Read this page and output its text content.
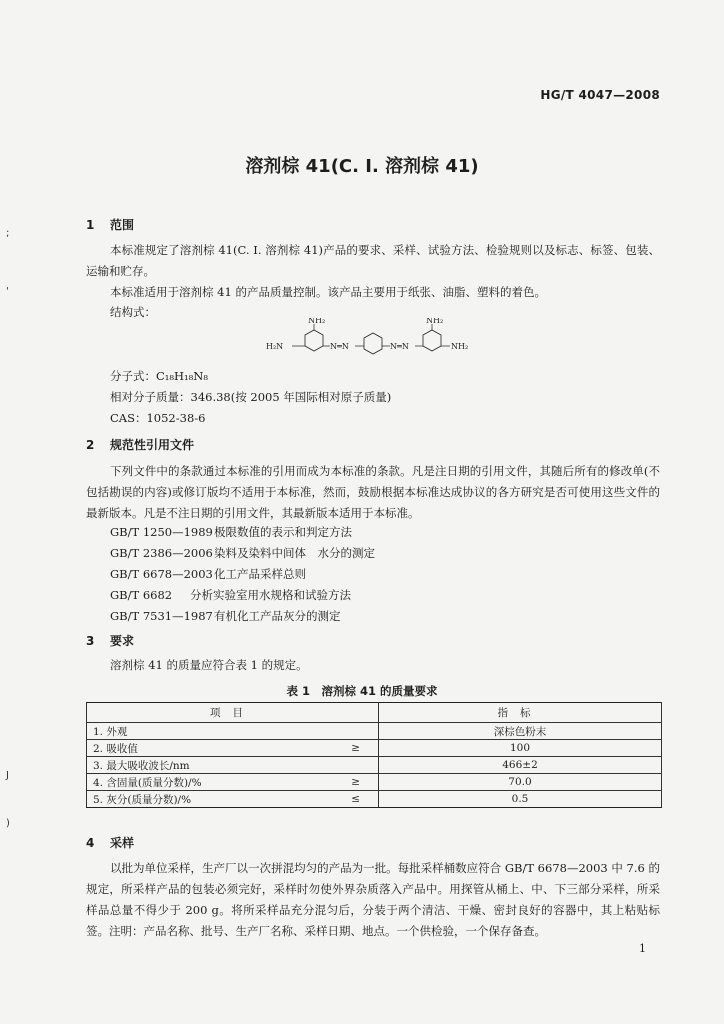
;
'
J
)
HG/T 4047—2008
溶剂棕 41(C. I. 溶剂棕 41)
1 范围

本标准规定了溶剂棕 41(C. I. 溶剂棕 41)产品的要求、采样、试验方法、检验规则以及标志、标签、包装、运输和贮存。

本标准适用于溶剂棕 41 的产品质量控制。该产品主要用于纸张、油脂、塑料的着色。

结构式：
NH₂	NH₂
H₂N	N═N	N═N	NH₂
分子式：C₁₈H₁₈N₈
相对分子质量：346.38(按 2005 年国际相对原子质量)
CAS：1052-38-6
2 规范性引用文件

下列文件中的条款通过本标准的引用而成为本标准的条款。凡是注日期的引用文件，其随后所有的修改单(不包括勘误的内容)或修订版均不适用于本标准，然而，鼓励根据本标准达成协议的各方研究是否可使用这些文件的最新版本。凡是不注日期的引用文件，其最新版本适用于本标准。

GB/T 1250—1989极限数值的表示和判定方法
GB/T 2386—2006染料及染料中间体　水分的测定
GB/T 6678—2003化工产品采样总则
GB/T 6682 分析实验室用水规格和试验方法
GB/T 7531—1987有机化工产品灰分的测定
3 要求
溶剂棕 41 的质量应符合表 1 的规定。
表 1　溶剂棕 41 的质量要求
项目		指标
1. 外观		深棕色粉末
2. 吸收值	≥	100
3. 最大吸收波长/nm		466±2
4. 含固量(质量分数)/%	≥	70.0
5. 灰分(质量分数)/%	≤	0.5
4 采样

以批为单位采样，生产厂以一次拼混均匀的产品为一批。每批采样桶数应符合 GB/T 6678—2003 中 7.6 的规定，所采样产品的包装必须完好，采样时勿使外界杂质落入产品中。用探管从桶上、中、下三部分采样，所采样品总量不得少于 200 g。将所采样品充分混匀后，分装于两个清洁、干燥、密封良好的容器中，其上粘贴标签。注明：产品名称、批号、生产厂名称、采样日期、地点。一个供检验，一个保存备查。

1
